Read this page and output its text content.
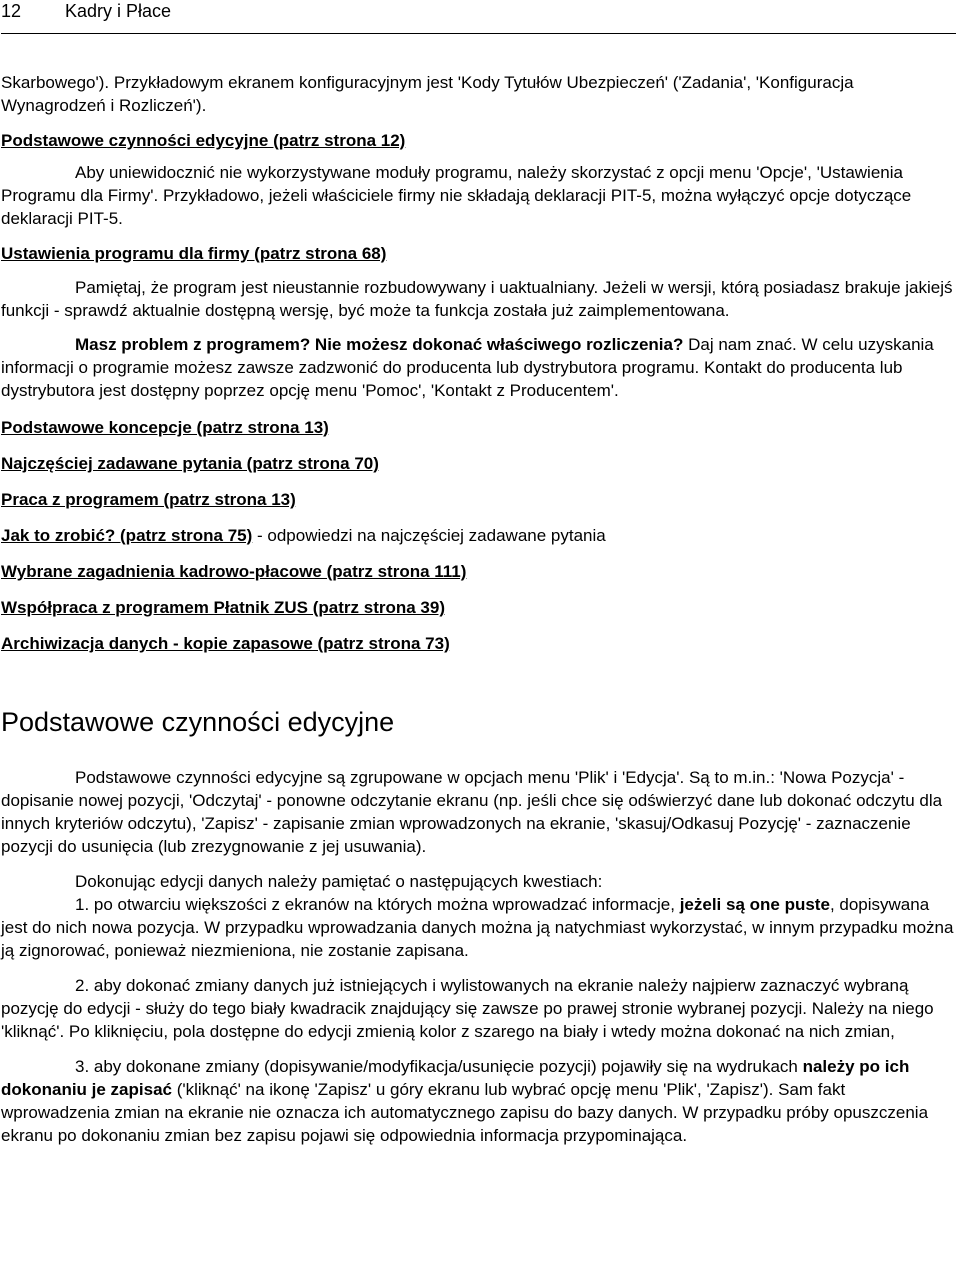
12	Kadry i Płace

Skarbowego'). Przykładowym ekranem konfiguracyjnym jest 'Kody Tytułów Ubezpieczeń' ('Zadania', 'Konfiguracja Wynagrodzeń i Rozliczeń').

Podstawowe czynności edycyjne (patrz strona 12)

Aby uniewidocznić nie wykorzystywane moduły programu, należy skorzystać z opcji menu 'Opcje', 'Ustawienia Programu dla Firmy'. Przykładowo, jeżeli właściciele firmy nie składają deklaracji PIT-5, można wyłączyć opcje dotyczące deklaracji PIT-5.

Ustawienia programu dla firmy (patrz strona 68)

Pamiętaj, że program jest nieustannie rozbudowywany i uaktualniany. Jeżeli w wersji, którą posiadasz brakuje jakiejś funkcji - sprawdź aktualnie dostępną wersję, być może ta funkcja została już zaimplementowana.

Masz problem z programem? Nie możesz dokonać właściwego rozliczenia? Daj nam znać. W celu uzyskania informacji o programie możesz zawsze zadzwonić do producenta lub dystrybutora programu. Kontakt do producenta lub dystrybutora jest dostępny poprzez opcję menu 'Pomoc', 'Kontakt z Producentem'.

Podstawowe koncepcje (patrz strona 13)

Najczęściej zadawane pytania (patrz strona 70)

Praca z programem (patrz strona 13)

Jak to zrobić? (patrz strona 75) - odpowiedzi na najczęściej zadawane pytania

Wybrane zagadnienia kadrowo-płacowe (patrz strona 111)

Współpraca z programem Płatnik ZUS (patrz strona 39)

Archiwizacja danych - kopie zapasowe (patrz strona 73)

Podstawowe czynności edycyjne

Podstawowe czynności edycyjne są zgrupowane w opcjach menu 'Plik' i 'Edycja'. Są to m.in.: 'Nowa Pozycja' - dopisanie nowej pozycji, 'Odczytaj' - ponowne odczytanie ekranu (np. jeśli chce się odświerzyć dane lub dokonać odczytu dla innych kryteriów odczytu), 'Zapisz' - zapisanie zmian wprowadzonych na ekranie, 'skasuj/Odkasuj Pozycję' - zaznaczenie pozycji do usunięcia (lub zrezygnowanie z jej usuwania).

Dokonując edycji danych należy pamiętać o następujących kwestiach:

1. po otwarciu większości z ekranów na których można wprowadzać informacje, jeżeli są one puste, dopisywana jest do nich nowa pozycja. W przypadku wprowadzania danych można ją natychmiast wykorzystać, w innym przypadku można ją zignorować, ponieważ niezmieniona, nie zostanie zapisana.

2. aby dokonać zmiany danych już istniejących i wylistowanych na ekranie należy najpierw zaznaczyć wybraną pozycję do edycji - służy do tego biały kwadracik znajdujący się zawsze po prawej stronie wybranej pozycji. Należy na niego 'kliknąć'. Po kliknięciu, pola dostępne do edycji zmienią kolor z szarego na biały i wtedy można dokonać na nich zmian,

3. aby dokonane zmiany (dopisywanie/modyfikacja/usunięcie pozycji) pojawiły się na wydrukach należy po ich dokonaniu je zapisać ('kliknąć' na ikonę 'Zapisz' u góry ekranu lub wybrać opcję menu 'Plik', 'Zapisz'). Sam fakt wprowadzenia zmian na ekranie nie oznacza ich automatycznego zapisu do bazy danych. W przypadku próby opuszczenia ekranu po dokonaniu zmian bez zapisu pojawi się odpowiednia informacja przypominająca.
